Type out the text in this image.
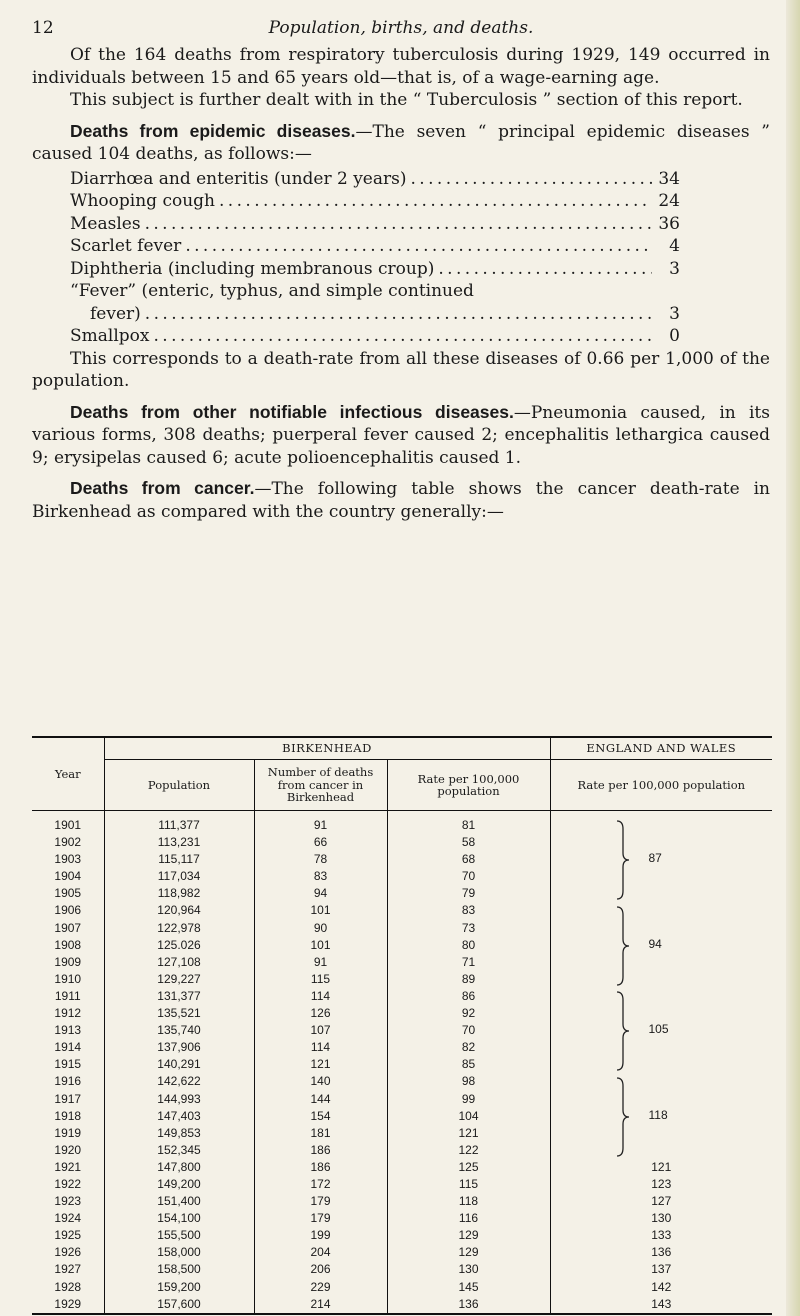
12	Population, births, and deaths.

Of the 164 deaths from respiratory tuberculosis during 1929, 149 occurred in individuals between 15 and 65 years old—that is, of a wage-earning age.

This subject is further dealt with in the “ Tuberculosis ” section of this report.

Deaths from epidemic diseases.—The seven “ principal epidemic diseases ” caused 104 deaths, as follows:—

Diarrhœa and enteritis (under 2 years) . . .	34
Whooping cough . . .	24
Measles . . .	36
Scarlet fever . . .	4
Diphtheria (including membranous croup) . . .	3
“Fever” (enteric, typhus, and simple continued
fever) . . .	3
Smallpox . . .	0

This corresponds to a death-rate from all these diseases of 0.66 per 1,000 of the population.

Deaths from other notifiable infectious diseases.—Pneumonia caused, in its various forms, 308 deaths; puerperal fever caused 2; encephalitis lethargica caused 9; erysipelas caused 6; acute polioencephalitis caused 1.

Deaths from cancer.—The following table shows the cancer death-rate in Birkenhead as compared with the country generally:—

Year	BIRKENHEAD			ENGLAND AND WALES
	Population	Number of deaths from cancer in Birkenhead	Rate per 100,000 population	Rate per 100,000 population
1901	111,377	91	81	87

1902	113,231	66	58	
1903	115,117	78	68	
1904	117,034	83	70	
1905	118,982	94	79	
1906	120,964	101	83	94

1907	122,978	90	73	
1908	125.026	101	80	
1909	127,108	91	71	
1910	129,227	115	89	
1911	131,377	114	86	105

1912	135,521	126	92	
1913	135,740	107	70	
1914	137,906	114	82	
1915	140,291	121	85	
1916	142,622	140	98	118

1917	144,993	144	99	
1918	147,403	154	104	
1919	149,853	181	121	
1920	152,345	186	122	
1921	147,800	186	125	121
1922	149,200	172	115	123
1923	151,400	179	118	127
1924	154,100	179	116	130
1925	155,500	199	129	133
1926	158,000	204	129	136
1927	158,500	206	130	137
1928	159,200	229	145	142
1929	157,600	214	136	143
